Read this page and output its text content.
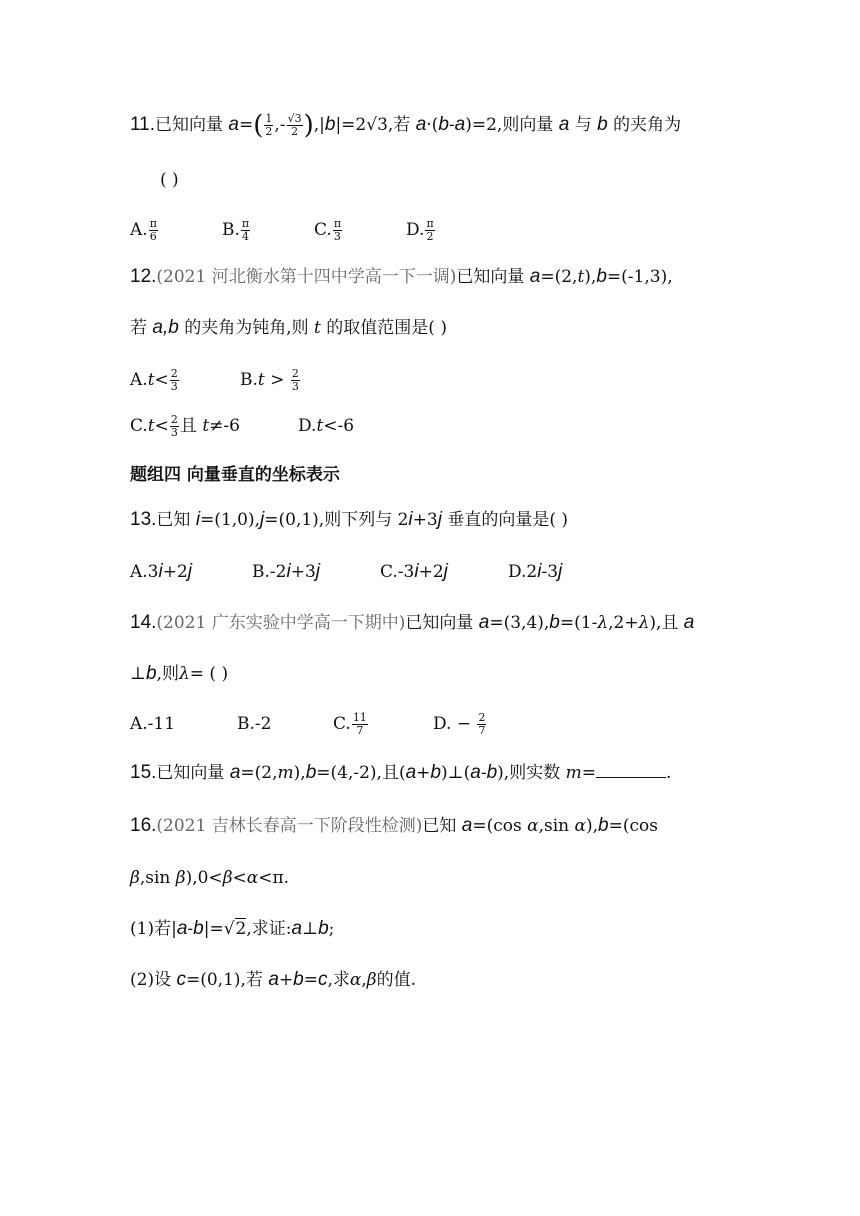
11.已知向量 $a=( \frac{1}{2}$ ,- $\frac{√3}{2} ),|b|=2√3$,若 a·(b-a)=2,则向量 a 与 b 的夹角为
( )
A. $\frac{\pi}{6}$	B. $\frac{\pi}{4}$	C. $\frac{\pi}{3}$	D. $\frac{\pi}{2}$
12.(2021 河北衡水第十四中学高一下一调)已知向量 a=(2,t),b=(-1,3),
若 a,b 的夹角为钝角,则 t 的取值范围是( )
$A.t< \frac{2}{3}$	$B.t > \frac{2}{3}$
$C.t< \frac{2}{3}$ 且 t≠-6	D.t<-6
题组四 向量垂直的坐标表示
13.已知 i=(1,0),j=(0,1),则下列与 2i+3j 垂直的向量是( )
A.3i+2j	B.-2i+3j	C.-3i+2j	D.2i-3j
14.(2021 广东实验中学高一下期中)已知向量 a=(3,4),b=(1-λ,2+λ),且 a
⊥b,则λ= ( )
A.-11	B.-2	C. $\frac{11}{7}$	D. − $\frac{2}{7}$
15.已知向量 a=(2,m),b=(4,-2),且(a+b)⊥(a-b),则实数 m=	.
16.(2021 吉林长春高一下阶段性检测)已知 a=(cos α,sin α),b=(cos
β,sin β),0<β<α<π.
(1)若|a-b|=√2,求证:a⊥b;
(2)设 c=(0,1),若 a+b=c,求α,β的值.
